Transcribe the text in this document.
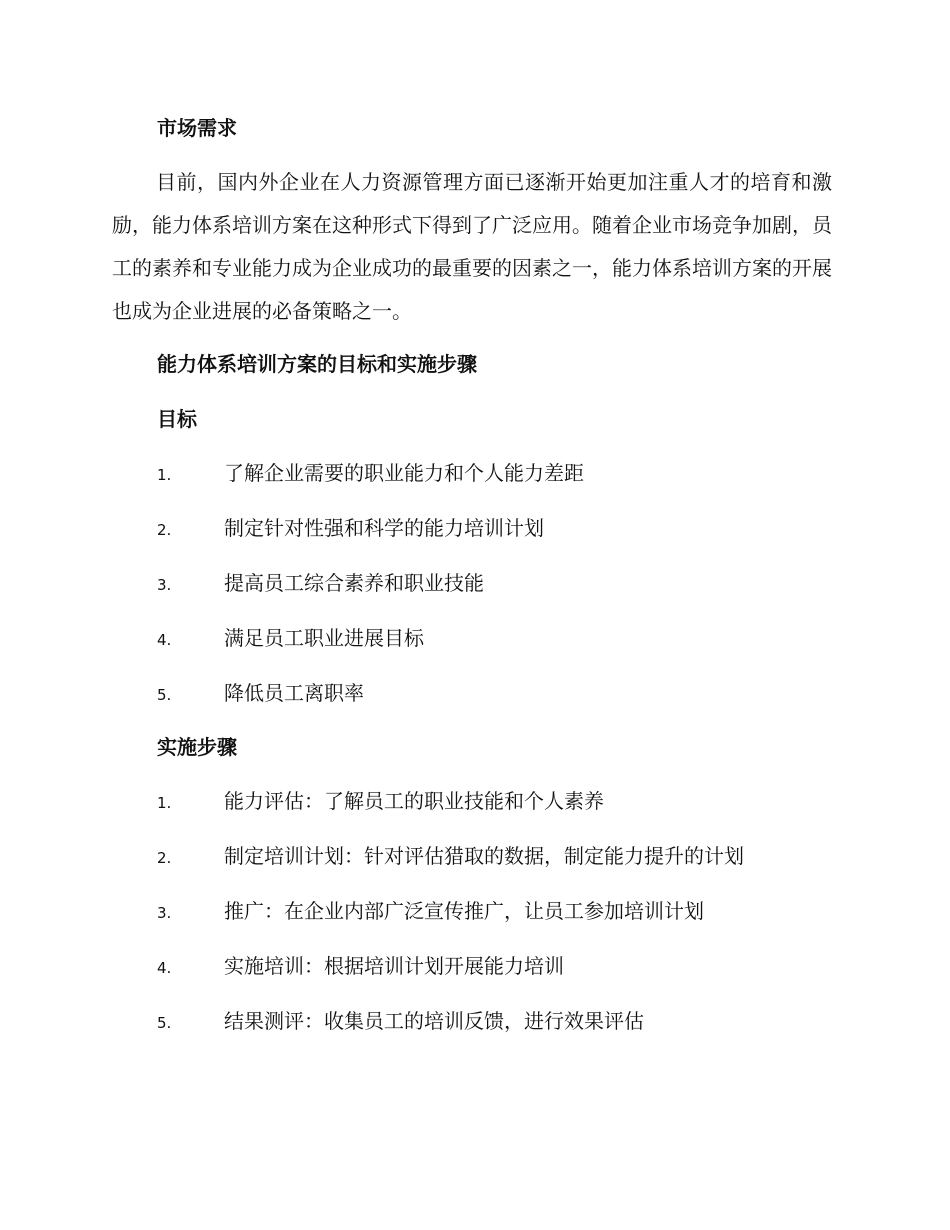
市场需求

目前，国内外企业在人力资源管理方面已逐渐开始更加注重人才的培育和激励，能力体系培训方案在这种形式下得到了广泛应用。随着企业市场竞争加剧，员工的素养和专业能力成为企业成功的最重要的因素之一，能力体系培训方案的开展也成为企业进展的必备策略之一。

能力体系培训方案的目标和实施步骤
目标
1.	了解企业需要的职业能力和个人能力差距
2.	制定针对性强和科学的能力培训计划
3.	提高员工综合素养和职业技能
4.	满足员工职业进展目标
5.	降低员工离职率
实施步骤
1.	能力评估：了解员工的职业技能和个人素养
2.	制定培训计划：针对评估猎取的数据，制定能力提升的计划
3.	推广：在企业内部广泛宣传推广，让员工参加培训计划
4.	实施培训：根据培训计划开展能力培训
5.	结果测评：收集员工的培训反馈，进行效果评估
